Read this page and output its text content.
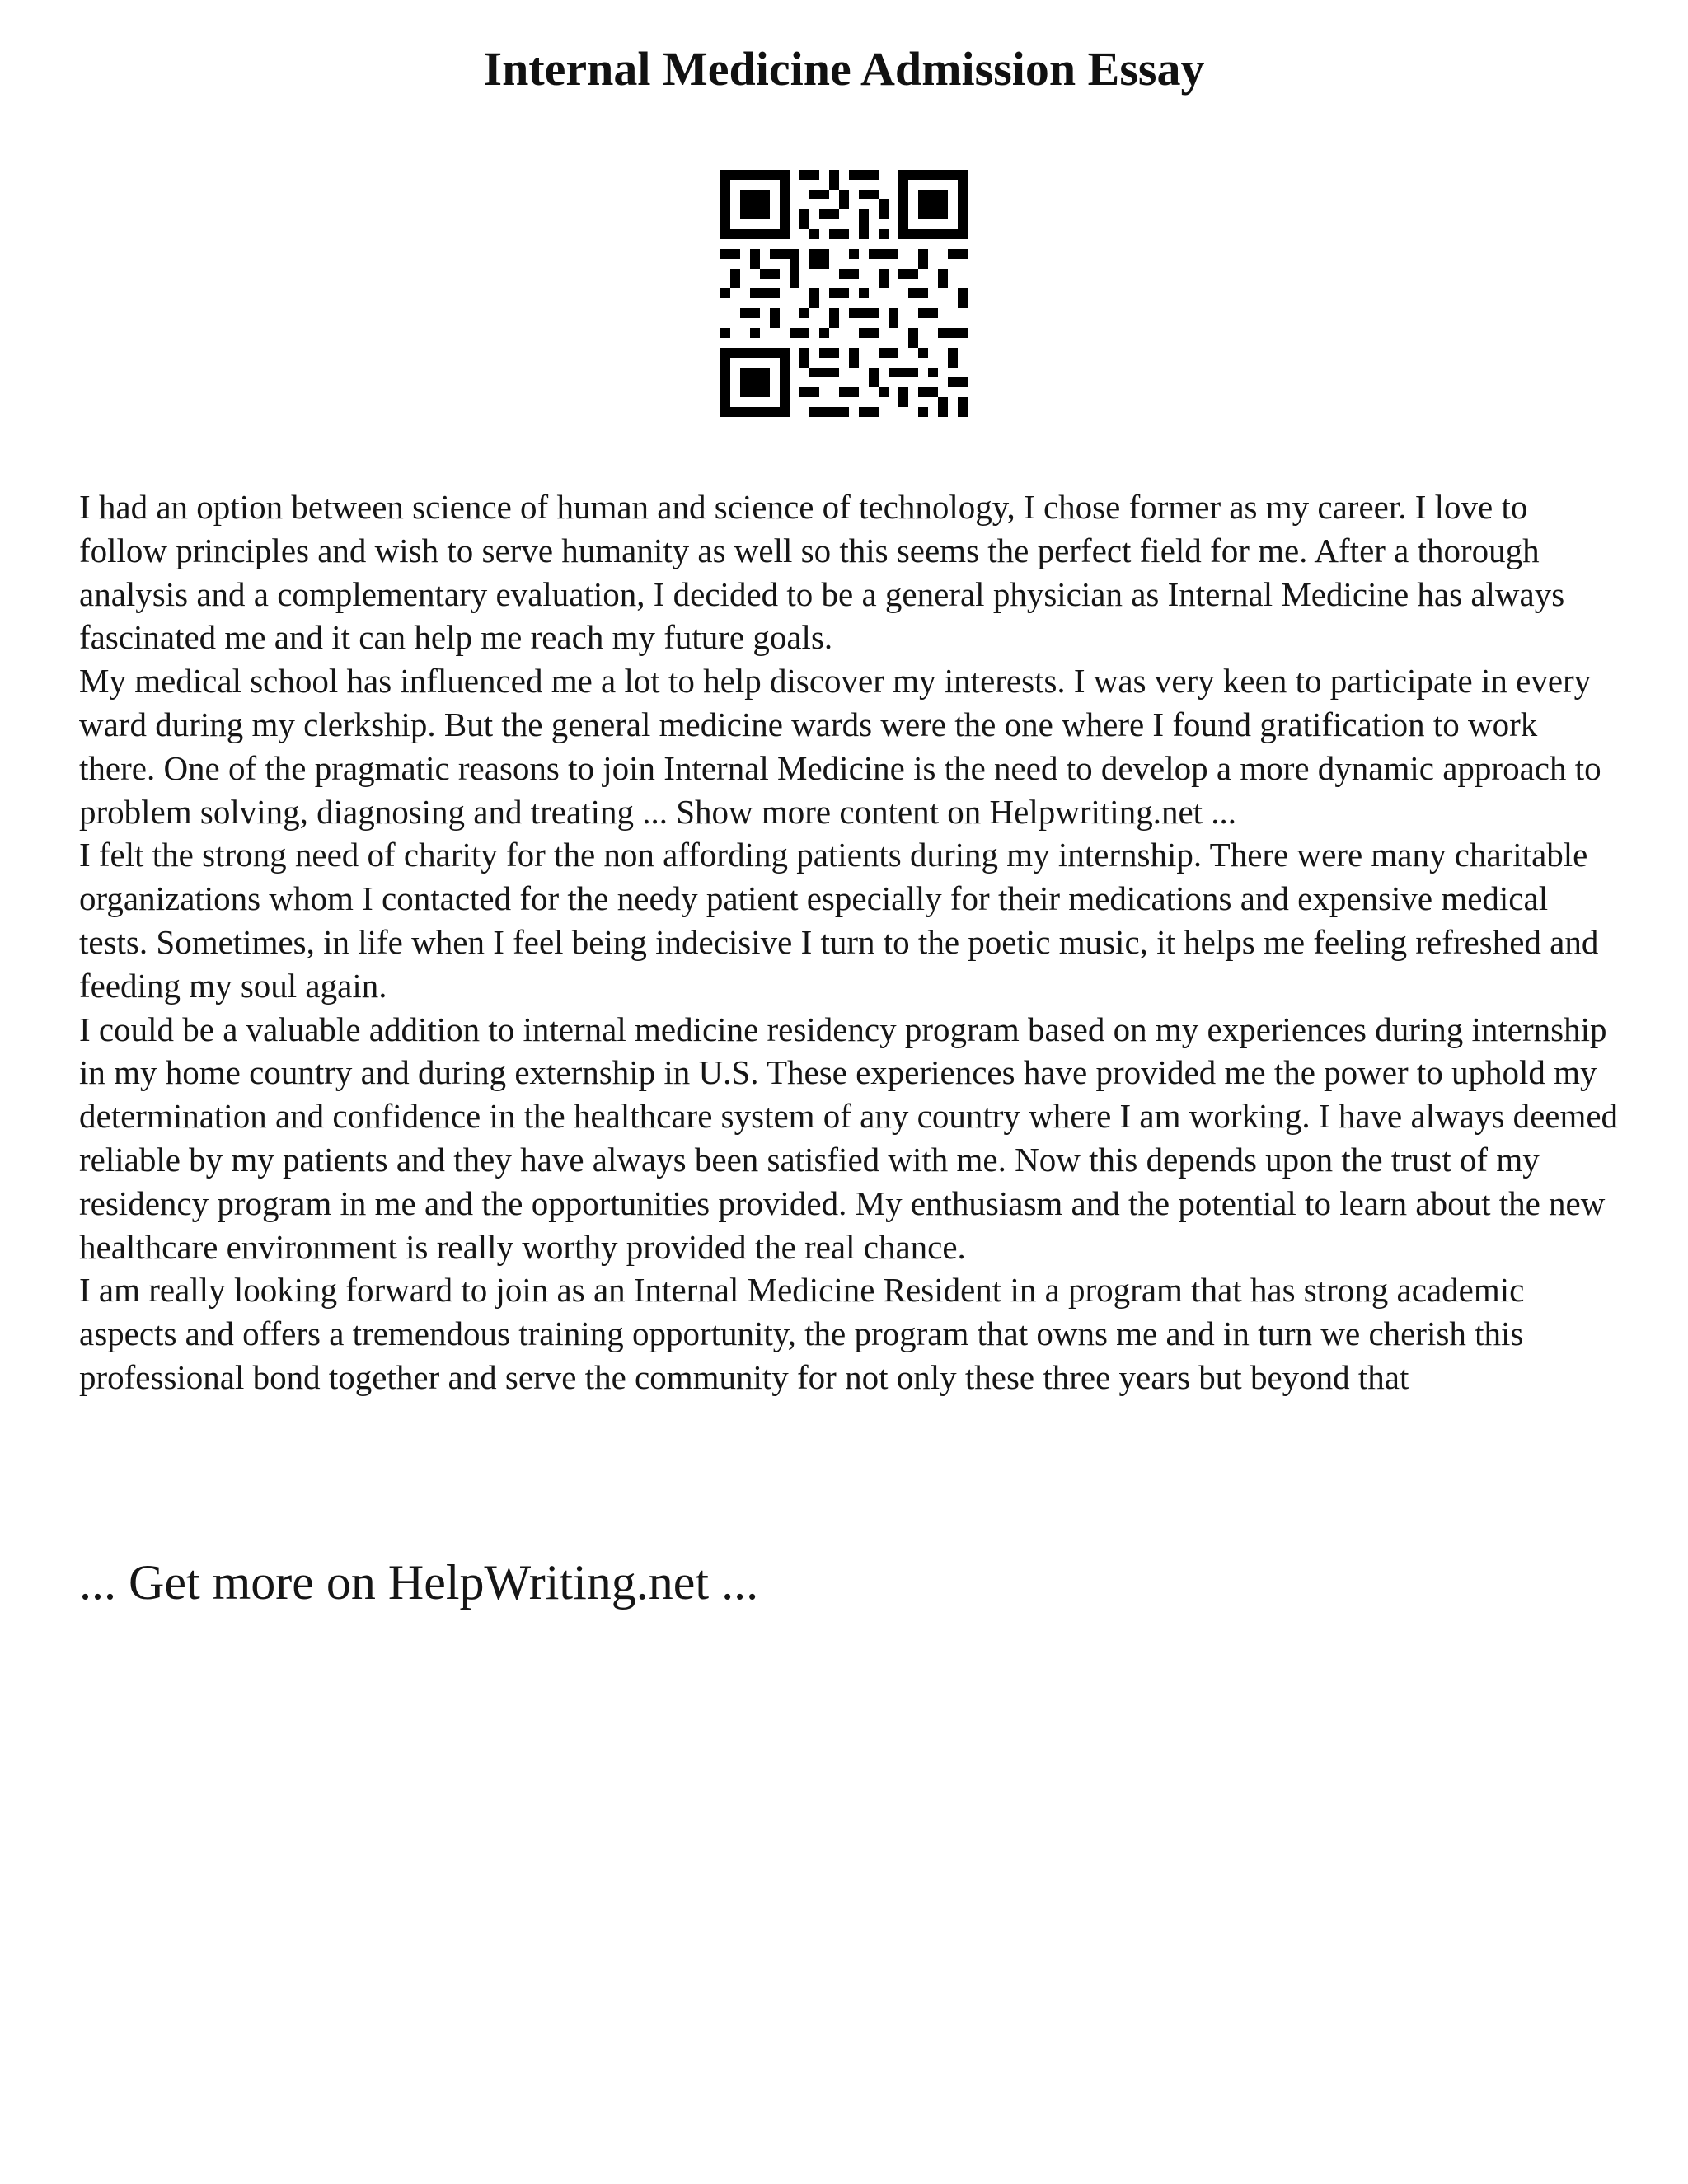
Internal Medicine Admission Essay

I had an option between science of human and science of technology, I chose former as my career. I love to follow principles and wish to serve humanity as well so this seems the perfect field for me. After a thorough analysis and a complementary evaluation, I decided to be a general physician as Internal Medicine has always fascinated me and it can help me reach my future goals.

My medical school has influenced me a lot to help discover my interests. I was very keen to participate in every ward during my clerkship. But the general medicine wards were the one where I found gratification to work there. One of the pragmatic reasons to join Internal Medicine is the need to develop a more dynamic approach to problem solving, diagnosing and treating ... Show more content on Helpwriting.net ...

I felt the strong need of charity for the non affording patients during my internship. There were many charitable organizations whom I contacted for the needy patient especially for their medications and expensive medical tests. Sometimes, in life when I feel being indecisive I turn to the poetic music, it helps me feeling refreshed and feeding my soul again.

I could be a valuable addition to internal medicine residency program based on my experiences during internship in my home country and during externship in U.S. These experiences have provided me the power to uphold my determination and confidence in the healthcare system of any country where I am working. I have always deemed reliable by my patients and they have always been satisfied with me. Now this depends upon the trust of my residency program in me and the opportunities provided. My enthusiasm and the potential to learn about the new healthcare environment is really worthy provided the real chance.

I am really looking forward to join as an Internal Medicine Resident in a program that has strong academic aspects and offers a tremendous training opportunity, the program that owns me and in turn we cherish this professional bond together and serve the community for not only these three years but beyond that

... Get more on HelpWriting.net ...
